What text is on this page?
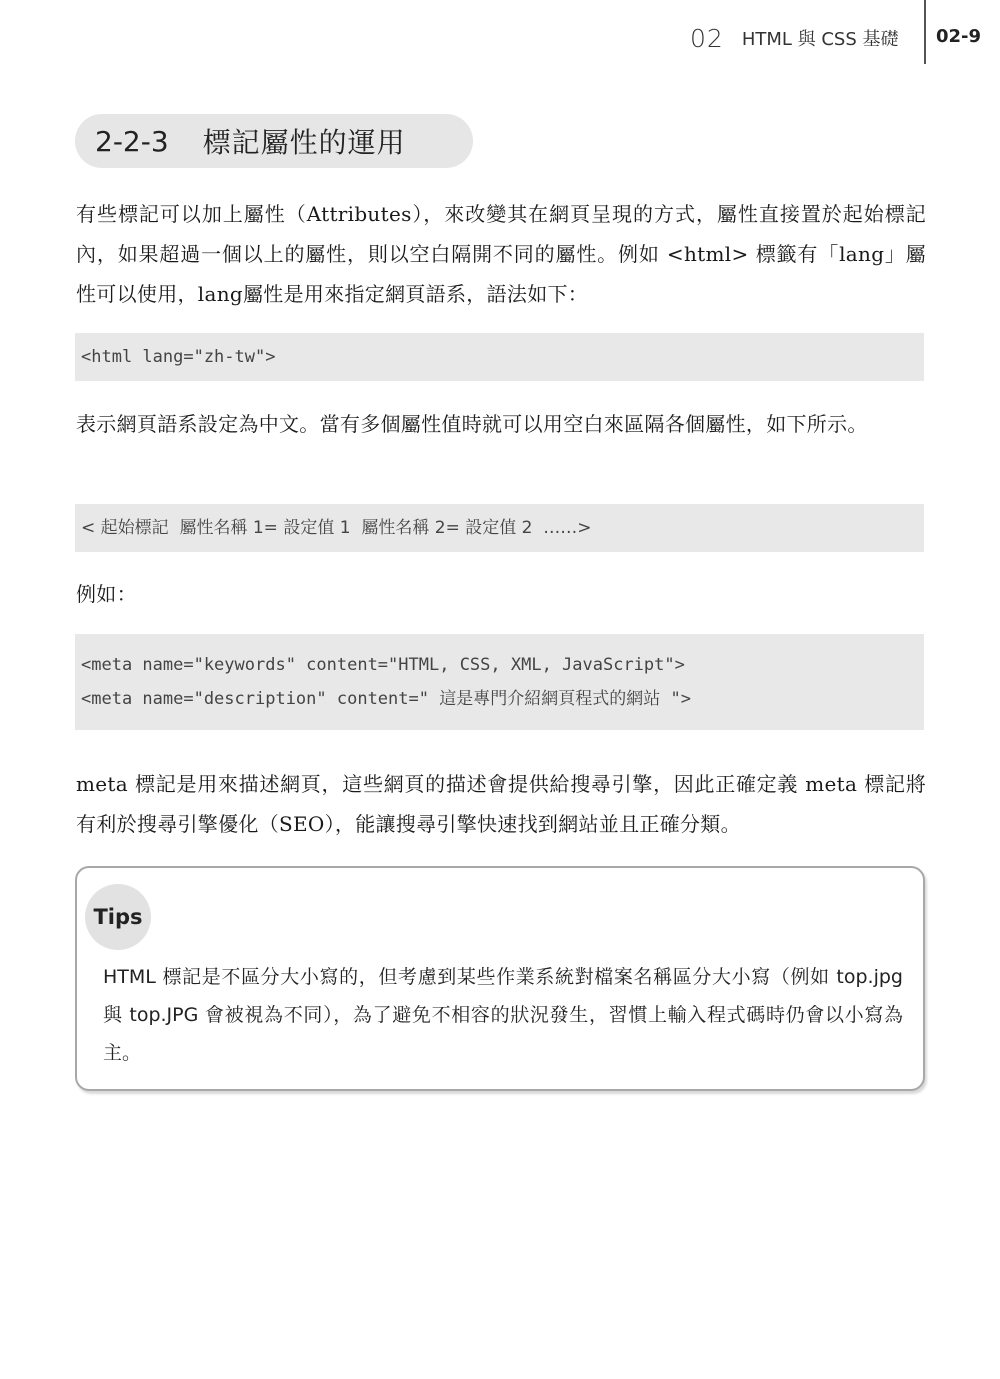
02 HTML 與 CSS 基礎 02-9
2-2-3 標記屬性的運用

有些標記可以加上屬性（Attributes），來改變其在網頁呈現的方式，屬性直接置於起始標記內，如果超過一個以上的屬性，則以空白隔開不同的屬性。例如 <html> 標籤有「lang」屬性可以使用，lang屬性是用來指定網頁語系，語法如下：

<html lang="zh-tw">

表示網頁語系設定為中文。當有多個屬性值時就可以用空白來區隔各個屬性，如下所示。

< 起始標記  屬性名稱 1= 設定值 1  屬性名稱 2= 設定值 2  ……>

例如：

<meta name="keywords" content="HTML, CSS, XML, JavaScript">
<meta name="description" content=" 這是專門介紹網頁程式的網站 ">

meta 標記是用來描述網頁，這些網頁的描述會提供給搜尋引擎，因此正確定義 meta 標記將有利於搜尋引擎優化（SEO），能讓搜尋引擎快速找到網站並且正確分類。

Tips

HTML 標記是不區分大小寫的，但考慮到某些作業系統對檔案名稱區分大小寫（例如 top.jpg 與 top.JPG 會被視為不同），為了避免不相容的狀況發生，習慣上輸入程式碼時仍會以小寫為主。
